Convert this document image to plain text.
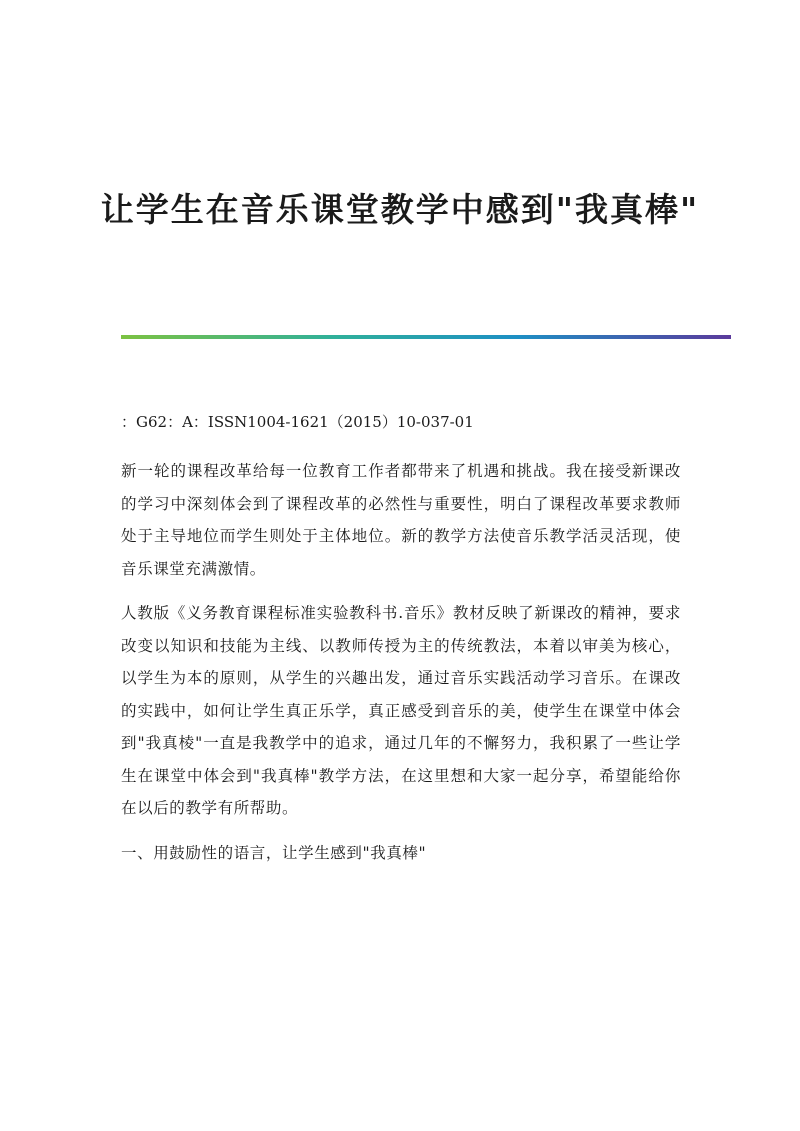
让学生在音乐课堂教学中感到"我真棒"

：G62：A：ISSN1004-1621（2015）10-037-01

新一轮的课程改革给每一位教育工作者都带来了机遇和挑战。我在接受新课改的学习中深刻体会到了课程改革的必然性与重要性，明白了课程改革要求教师处于主导地位而学生则处于主体地位。新的教学方法使音乐教学活灵活现，使音乐课堂充满激情。

人教版《义务教育课程标准实验教科书.音乐》教材反映了新课改的精神，要求改变以知识和技能为主线、以教师传授为主的传统教法，本着以审美为核心，以学生为本的原则，从学生的兴趣出发，通过音乐实践活动学习音乐。在课改的实践中，如何让学生真正乐学，真正感受到音乐的美，使学生在课堂中体会到"我真棱"一直是我教学中的追求，通过几年的不懈努力，我积累了一些让学生在课堂中体会到"我真棒"教学方法，在这里想和大家一起分享，希望能给你在以后的教学有所帮助。

一、用鼓励性的语言，让学生感到"我真棒"
